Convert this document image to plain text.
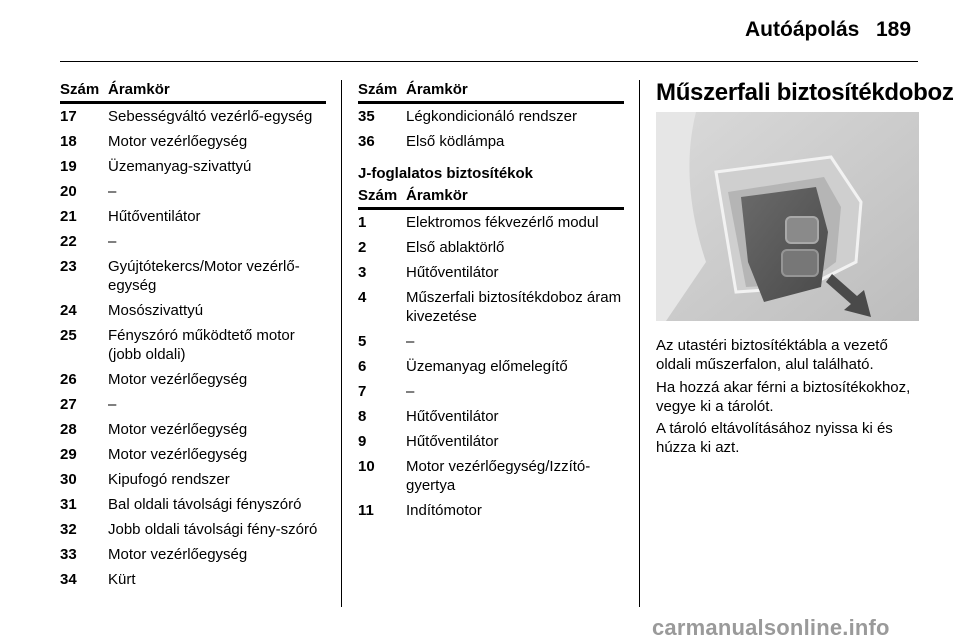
Autóápolás 189
Szám Áramkör
17 Sebességváltó vezérlő-egység
18 Motor vezérlőegység
19 Üzemanyag-szivattyú
20 –
21 Hűtőventilátor
22 –
23 Gyújtótekercs/Motor vezérlő-egység
24 Mosószivattyú
25 Fényszóró működtető motor (jobb oldali)
26 Motor vezérlőegység
27 –
28 Motor vezérlőegység
29 Motor vezérlőegység
30 Kipufogó rendszer
31 Bal oldali távolsági fényszóró
32 Jobb oldali távolsági fény-szóró
33 Motor vezérlőegység
34 Kürt
Szám Áramkör
35 Légkondicionáló rendszer
36 Első ködlámpa
J-foglalatos biztosítékok
Szám Áramkör
1	Elektromos fékvezérlő modul
2	Első ablaktörlő
3	Hűtőventilátor
4	Műszerfali biztosítékdoboz áram kivezetése
5	–
6	Üzemanyag előmelegítő
7	–
8	Hűtőventilátor
9	Hűtőventilátor
10 Motor vezérlőegység/Izzító-gyertya
11 Indítómotor
Műszerfali biztosítékdoboz
Az utastéri biztosítéktábla a vezető oldali műszerfalon, alul található.
Ha hozzá akar férni a biztosítékokhoz, vegye ki a tárolót.
A tároló eltávolításához nyissa ki és húzza ki azt.
carmanualsonline.info
